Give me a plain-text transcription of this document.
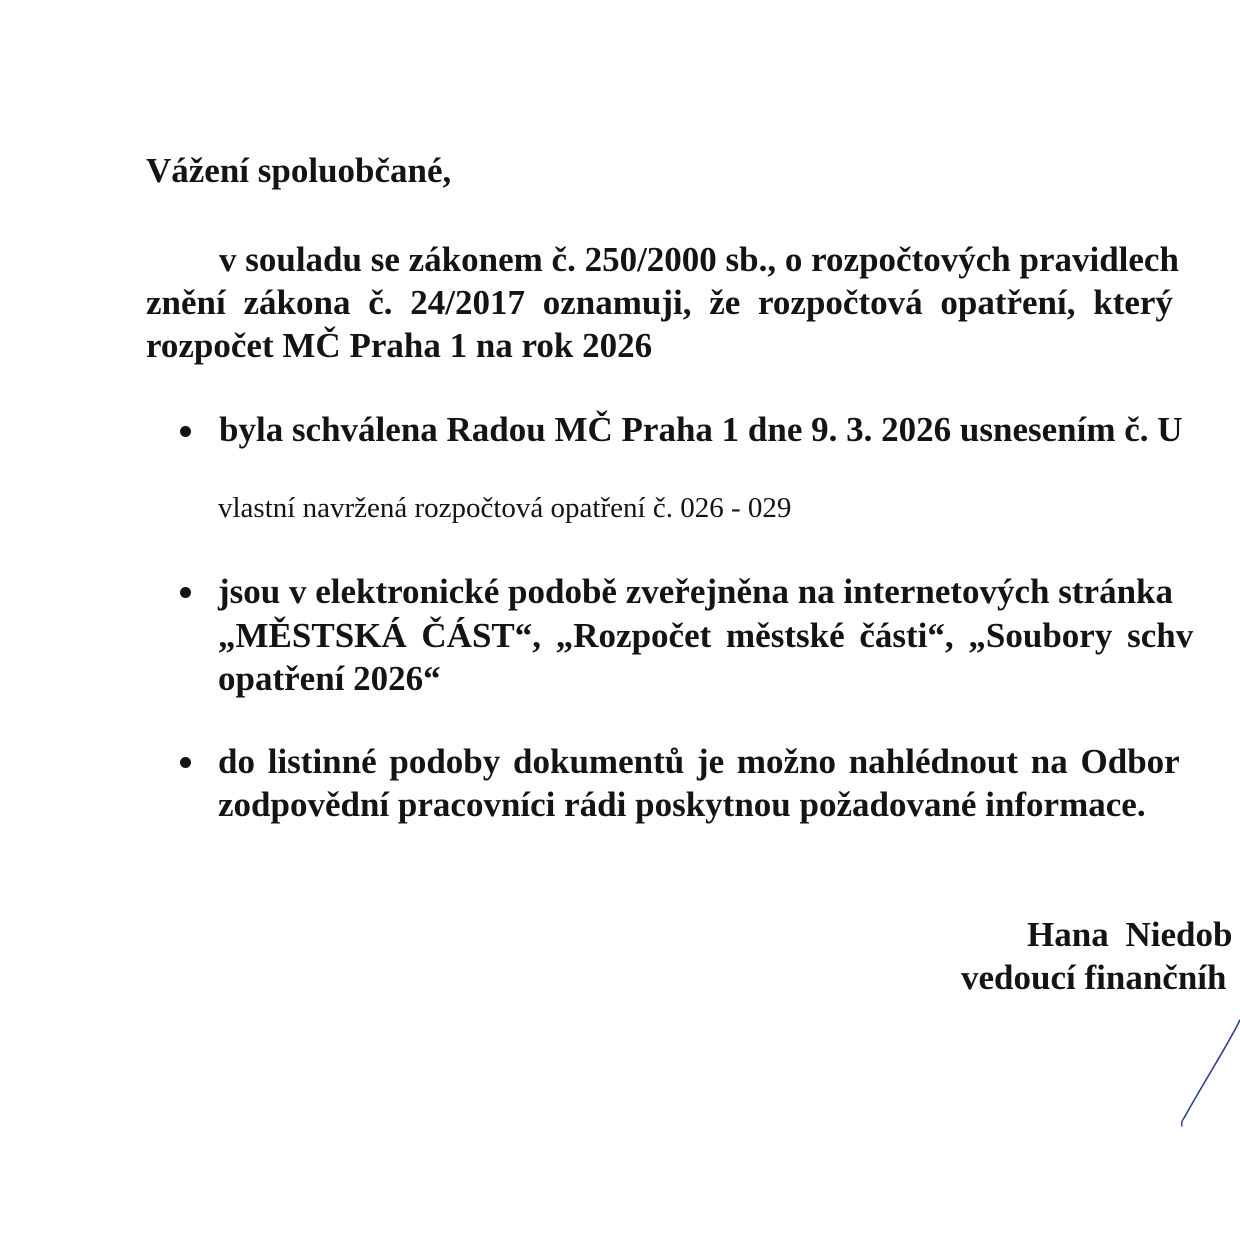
Vážení spoluobčané,
v souladu se zákonem č. 250/2000 sb., o rozpočtových pravidlech
znění zákona č. 24/2017 oznamuji, že rozpočtová opatření, který
rozpočet MČ Praha 1 na rok 2026
byla schválena Radou MČ Praha 1 dne 9. 3. 2026 usnesením č. U
vlastní navržená rozpočtová opatření č. 026 - 029
jsou v elektronické podobě zveřejněna na internetových stránka
„MĚSTSKÁ ČÁST“, „Rozpočet městské části“, „Soubory schv
opatření 2026“
do listinné podoby dokumentů je možno nahlédnout na Odbor
zodpovědní pracovníci rádi poskytnou požadované informace.
Hana Niedob
vedoucí finančníh
